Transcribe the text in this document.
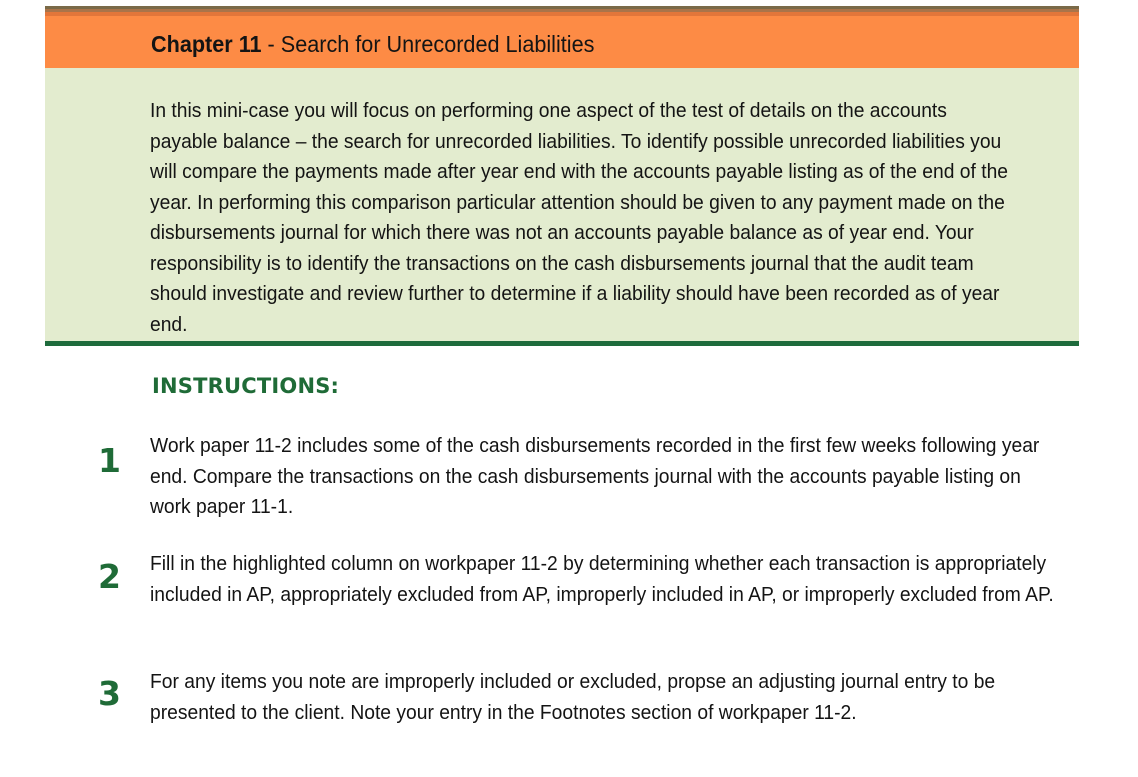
Chapter 11 - Search for Unrecorded Liabilities

In this mini-case you will focus on performing one aspect of the test of details on the accounts payable balance – the search for unrecorded liabilities. To identify possible unrecorded liabilities you will compare the payments made after year end with the accounts payable listing as of the end of the year. In performing this comparison particular attention should be given to any payment made on the disbursements journal for which there was not an accounts payable balance as of year end. Your responsibility is to identify the transactions on the cash disbursements journal that the audit team should investigate and review further to determine if a liability should have been recorded as of year end.

INSTRUCTIONS:
1 Work paper 11-2 includes some of the cash disbursements recorded in the first few weeks following year end. Compare the transactions on the cash disbursements journal with the accounts payable listing on work paper 11-1.

2 Fill in the highlighted column on workpaper 11-2 by determining whether each transaction is appropriately included in AP, appropriately excluded from AP, improperly included in AP, or improperly excluded from AP.

3 For any items you note are improperly included or excluded, propse an adjusting journal entry to be presented to the client. Note your entry in the Footnotes section of workpaper 11-2.
